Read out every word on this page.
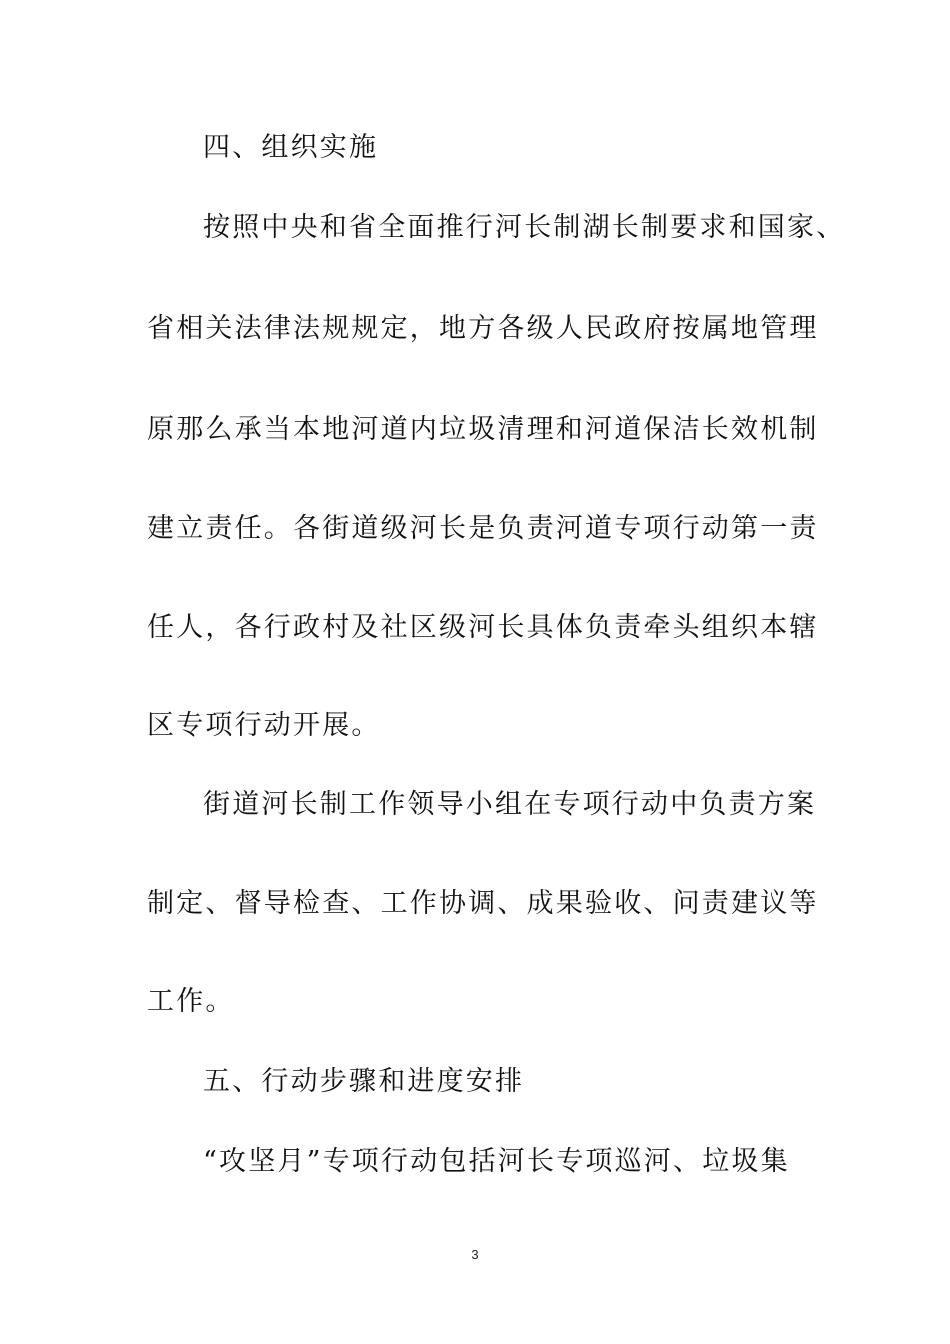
四、组织实施
按照中央和省全面推行河长制湖长制要求和国家、
省相关法律法规规定，地方各级人民政府按属地管理
原那么承当本地河道内垃圾清理和河道保洁长效机制
建立责任。各街道级河长是负责河道专项行动第一责
任人，各行政村及社区级河长具体负责牵头组织本辖
区专项行动开展。
街道河长制工作领导小组在专项行动中负责方案
制定、督导检查、工作协调、成果验收、问责建议等
工作。
五、行动步骤和进度安排
“攻坚月”专项行动包括河长专项巡河、垃圾集
3
